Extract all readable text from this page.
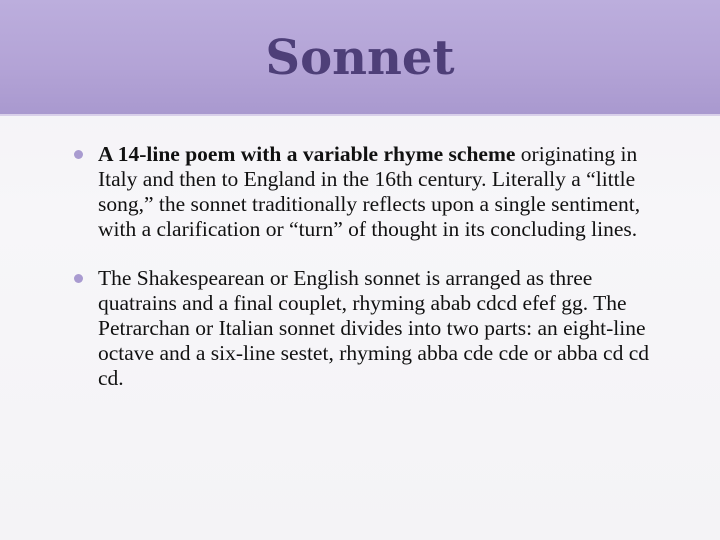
Sonnet
A 14-line poem with a variable rhyme scheme originating in Italy and then to England in the 16th century. Literally a “little song,” the sonnet traditionally reflects upon a single sentiment, with a clarification or “turn” of thought in its concluding lines.
The Shakespearean or English sonnet is arranged as three quatrains and a final couplet, rhyming abab cdcd efef gg. The Petrarchan or Italian sonnet divides into two parts: an eight-line octave and a six-line sestet, rhyming abba cde cde or abba cd cd cd.
